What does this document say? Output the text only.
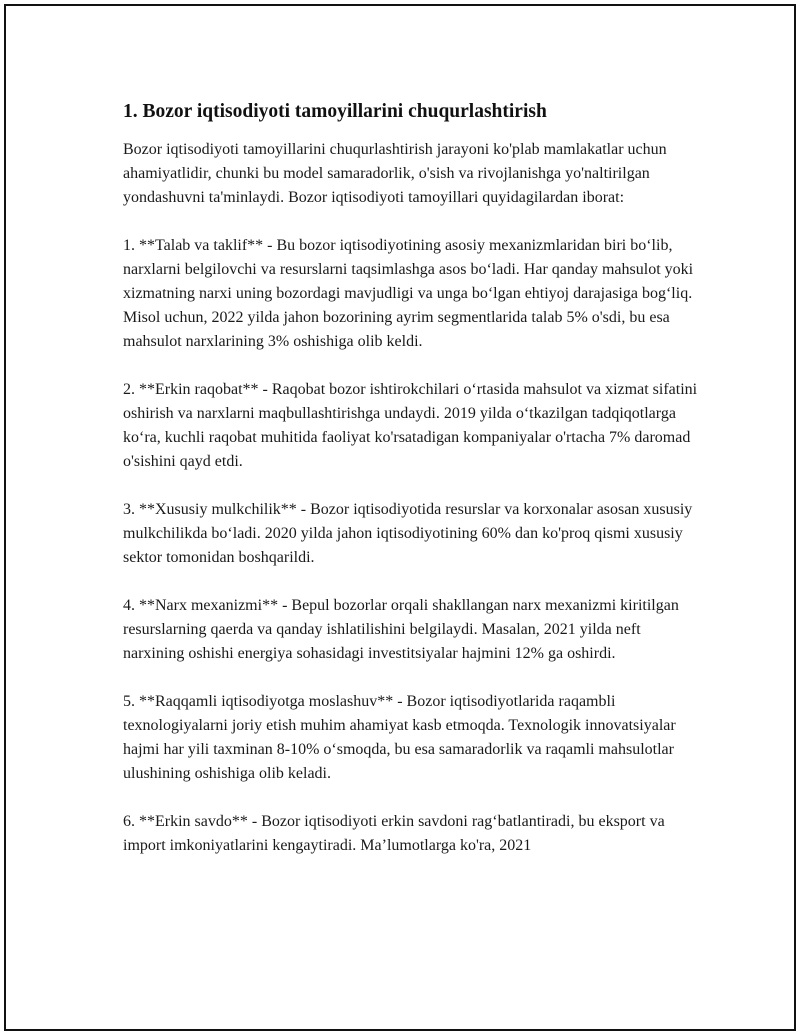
1. Bozor iqtisodiyoti tamoyillarini chuqurlashtirish

Bozor iqtisodiyoti tamoyillarini chuqurlashtirish jarayoni ko'plab mamlakatlar uchun ahamiyatlidir, chunki bu model samaradorlik, o'sish va rivojlanishga yo'naltirilgan yondashuvni ta'minlaydi. Bozor iqtisodiyoti tamoyillari quyidagilardan iborat:

1. **Talab va taklif** - Bu bozor iqtisodiyotining asosiy mexanizmlaridan biri bo‘lib, narxlarni belgilovchi va resurslarni taqsimlashga asos bo‘ladi. Har qanday mahsulot yoki xizmatning narxi uning bozordagi mavjudligi va unga bo‘lgan ehtiyoj darajasiga bog‘liq. Misol uchun, 2022 yilda jahon bozorining ayrim segmentlarida talab 5% o'sdi, bu esa mahsulot narxlarining 3% oshishiga olib keldi.

2. **Erkin raqobat** - Raqobat bozor ishtirokchilari o‘rtasida mahsulot va xizmat sifatini oshirish va narxlarni maqbullashtirishga undaydi. 2019 yilda o‘tkazilgan tadqiqotlarga ko‘ra, kuchli raqobat muhitida faoliyat ko'rsatadigan kompaniyalar o'rtacha 7% daromad o'sishini qayd etdi.

3. **Xususiy mulkchilik** - Bozor iqtisodiyotida resurslar va korxonalar asosan xususiy mulkchilikda bo‘ladi. 2020 yilda jahon iqtisodiyotining 60% dan ko'proq qismi xususiy sektor tomonidan boshqarildi.

4. **Narx mexanizmi** - Bepul bozorlar orqali shakllangan narx mexanizmi kiritilgan resurslarning qaerda va qanday ishlatilishini belgilaydi. Masalan, 2021 yilda neft narxining oshishi energiya sohasidagi investitsiyalar hajmini 12% ga oshirdi.

5. **Raqqamli iqtisodiyotga moslashuv** - Bozor iqtisodiyotlarida raqambli texnologiyalarni joriy etish muhim ahamiyat kasb etmoqda. Texnologik innovatsiyalar hajmi har yili taxminan 8-10% o‘smoqda, bu esa samaradorlik va raqamli mahsulotlar ulushining oshishiga olib keladi.

6. **Erkin savdo** - Bozor iqtisodiyoti erkin savdoni rag‘batlantiradi, bu eksport va import imkoniyatlarini kengaytiradi. Ma’lumotlarga ko'ra, 2021
